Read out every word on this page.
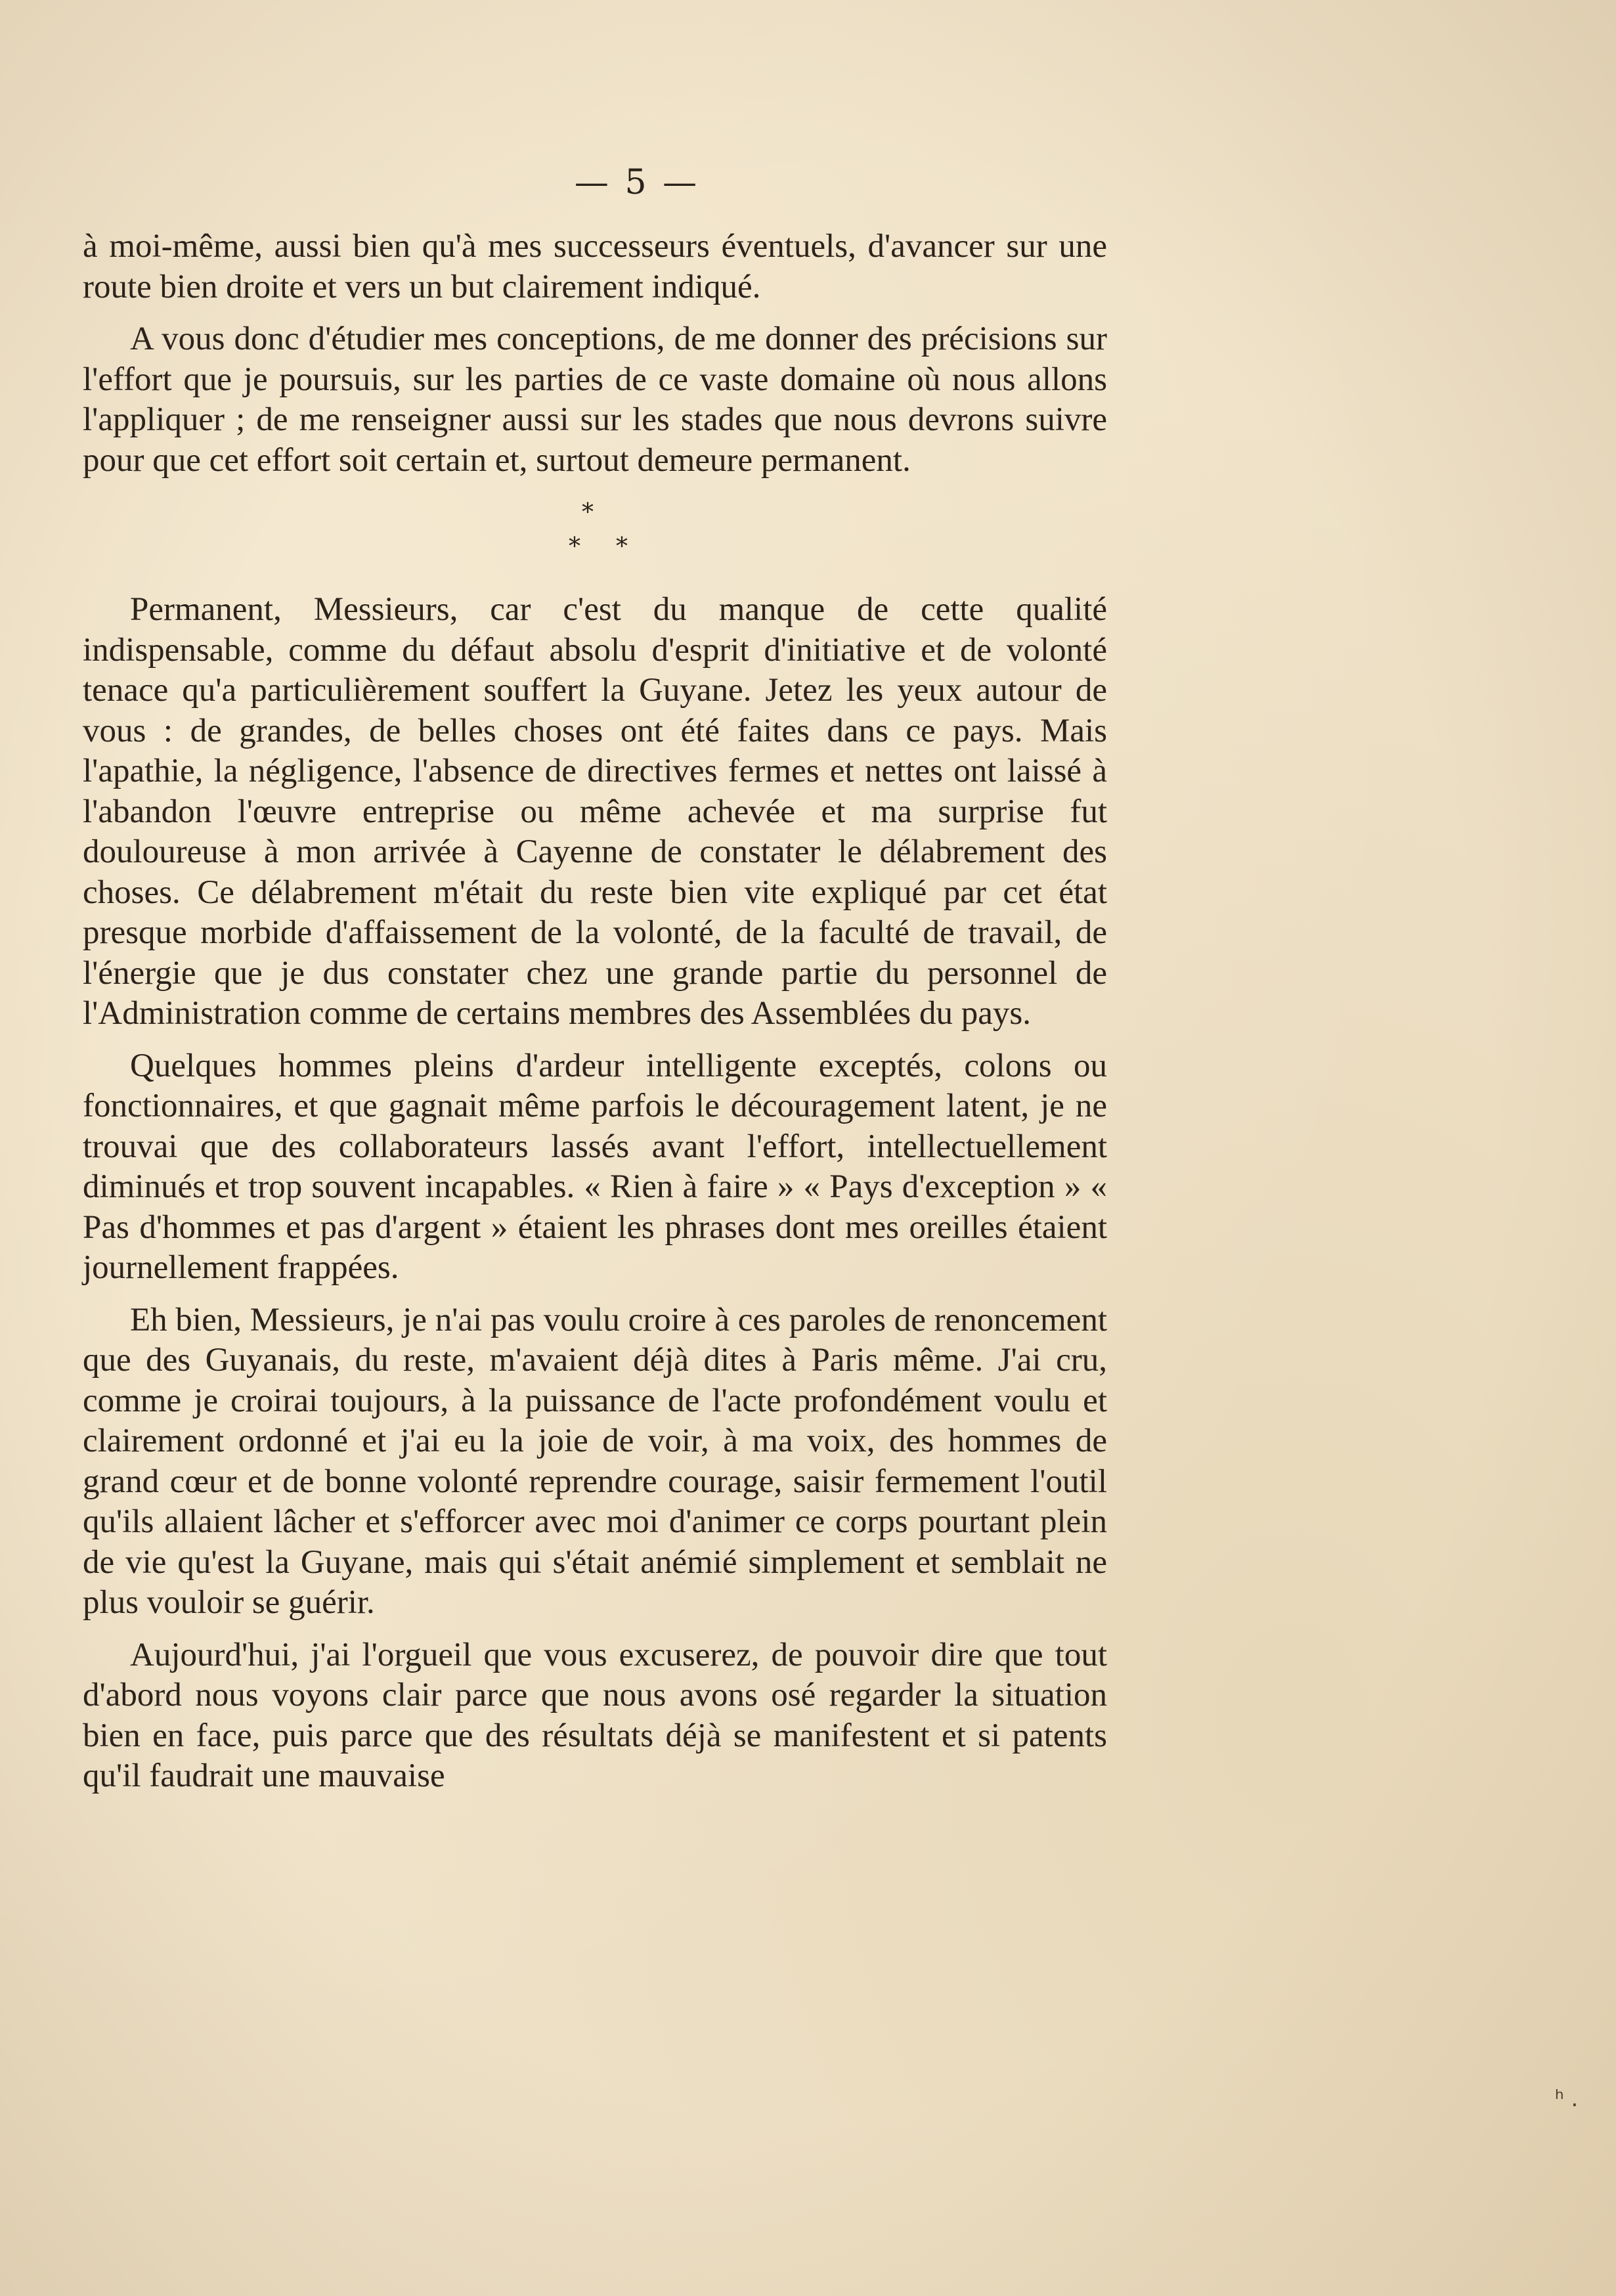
— 5 —

à moi-même, aussi bien qu'à mes successeurs éventuels, d'avancer sur une route bien droite et vers un but clairement indiqué.

A vous donc d'étudier mes conceptions, de me donner des précisions sur l'effort que je poursuis, sur les parties de ce vaste domaine où nous allons l'appliquer ; de me renseigner aussi sur les stades que nous devrons suivre pour que cet effort soit certain et, surtout demeure permanent.

*
* *

Permanent, Messieurs, car c'est du manque de cette qualité indispensable, comme du défaut absolu d'esprit d'initiative et de volonté tenace qu'a particulièrement souffert la Guyane. Jetez les yeux autour de vous : de grandes, de belles choses ont été faites dans ce pays. Mais l'apathie, la négligence, l'absence de directives fermes et nettes ont laissé à l'abandon l'œuvre entreprise ou même achevée et ma surprise fut douloureuse à mon arrivée à Cayenne de constater le délabrement des choses. Ce délabrement m'était du reste bien vite expliqué par cet état presque morbide d'affaissement de la volonté, de la faculté de travail, de l'énergie que je dus constater chez une grande partie du personnel de l'Administration comme de certains membres des Assemblées du pays.

Quelques hommes pleins d'ardeur intelligente exceptés, colons ou fonctionnaires, et que gagnait même parfois le découragement latent, je ne trouvai que des collaborateurs lassés avant l'effort, intellectuellement diminués et trop souvent incapables. « Rien à faire » « Pays d'exception » « Pas d'hommes et pas d'argent » étaient les phrases dont mes oreilles étaient journellement frappées.

Eh bien, Messieurs, je n'ai pas voulu croire à ces paroles de renoncement que des Guyanais, du reste, m'avaient déjà dites à Paris même. J'ai cru, comme je croirai toujours, à la puissance de l'acte profondément voulu et clairement ordonné et j'ai eu la joie de voir, à ma voix, des hommes de grand cœur et de bonne volonté reprendre courage, saisir fermement l'outil qu'ils allaient lâcher et s'efforcer avec moi d'animer ce corps pourtant plein de vie qu'est la Guyane, mais qui s'était anémié simplement et semblait ne plus vouloir se guérir.

Aujourd'hui, j'ai l'orgueil que vous excuserez, de pouvoir dire que tout d'abord nous voyons clair parce que nous avons osé regarder la situation bien en face, puis parce que des résultats déjà se manifestent et si patents qu'il faudrait une mauvaise

ʰ .
